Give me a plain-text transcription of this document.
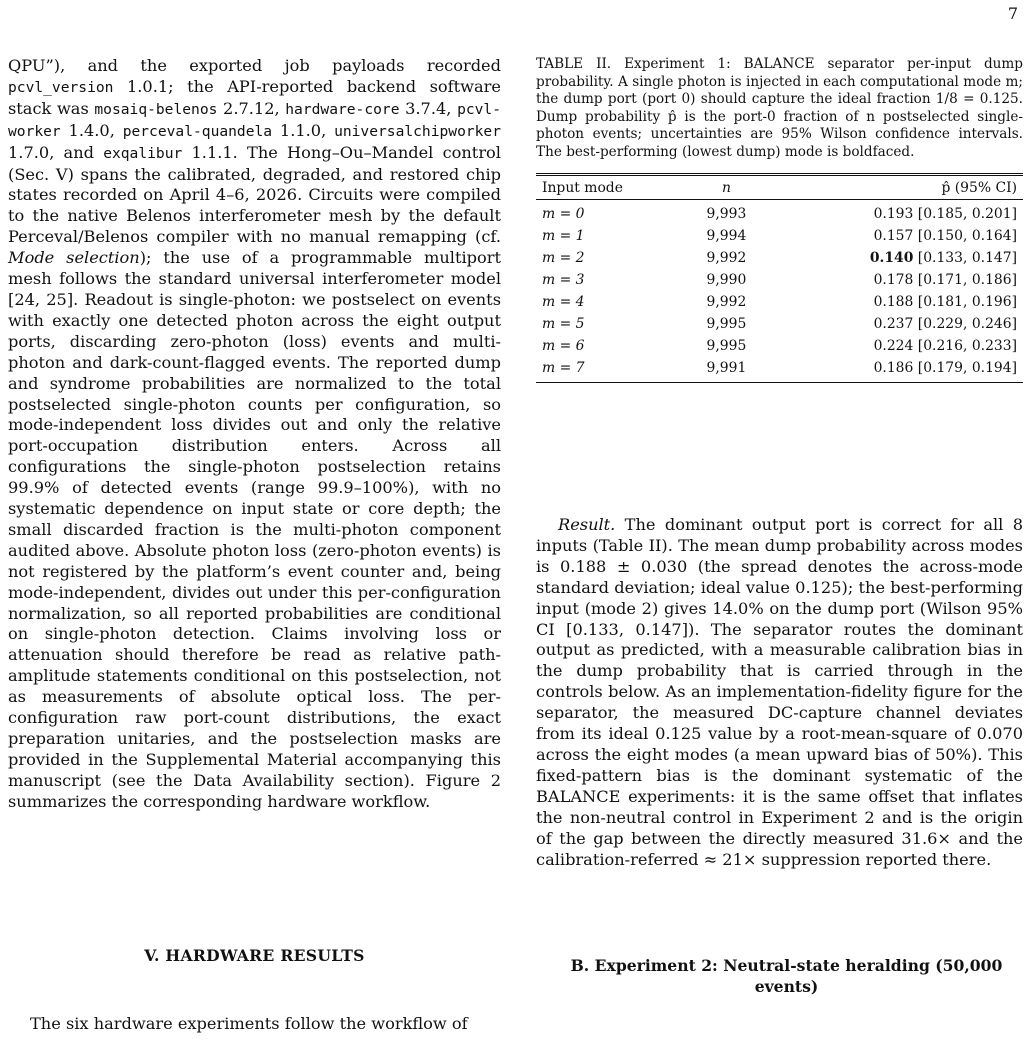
7

QPU”), and the exported job payloads recorded pcvl_version 1.0.1; the API-reported backend software stack was mosaiq-belenos 2.7.12, hardware-core 3.7.4, pcvl-worker 1.4.0, perceval-quandela 1.1.0, universalchipworker 1.7.0, and exqalibur 1.1.1. The Hong–Ou–Mandel control (Sec. V) spans the calibrated, degraded, and restored chip states recorded on April 4–6, 2026. Circuits were compiled to the native Belenos interferometer mesh by the default Perceval/Belenos compiler with no manual remapping (cf. Mode selection); the use of a programmable multiport mesh follows the standard universal interferometer model [24, 25]. Readout is single-photon: we postselect on events with exactly one detected photon across the eight output ports, discarding zero-photon (loss) events and multi-photon and dark-count-flagged events. The reported dump and syndrome probabilities are normalized to the total postselected single-photon counts per configuration, so mode-independent loss divides out and only the relative port-occupation distribution enters. Across all configurations the single-photon postselection retains 99.9% of detected events (range 99.9–100%), with no systematic dependence on input state or core depth; the small discarded fraction is the multi-photon component audited above. Absolute photon loss (zero-photon events) is not registered by the platform’s event counter and, being mode-independent, divides out under this per-configuration normalization, so all reported probabilities are conditional on single-photon detection. Claims involving loss or attenuation should therefore be read as relative path-amplitude statements conditional on this postselection, not as measurements of absolute optical loss. The per-configuration raw port-count distributions, the exact preparation unitaries, and the postselection masks are provided in the Supplemental Material accompanying this manuscript (see the Data Availability section). Figure 2 summarizes the corresponding hardware workflow.

V. HARDWARE RESULTS

The six hardware experiments follow the workflow of

TABLE II. Experiment 1: BALANCE separator per-input dump probability. A single photon is injected in each computational mode m; the dump port (port 0) should capture the ideal fraction 1/8 = 0.125. Dump probability p̂ is the port-0 fraction of n postselected single-photon events; uncertainties are 95% Wilson confidence intervals. The best-performing (lowest dump) mode is boldfaced.

Input mode	n	p̂ (95% CI)
m = 0	9,993	0.193 [0.185, 0.201]
m = 1	9,994	0.157 [0.150, 0.164]
m = 2	9,992	0.140 [0.133, 0.147]
m = 3	9,990	0.178 [0.171, 0.186]
m = 4	9,992	0.188 [0.181, 0.196]
m = 5	9,995	0.237 [0.229, 0.246]
m = 6	9,995	0.224 [0.216, 0.233]
m = 7	9,991	0.186 [0.179, 0.194]

Result. The dominant output port is correct for all 8 inputs (Table II). The mean dump probability across modes is 0.188 ± 0.030 (the spread denotes the across-mode standard deviation; ideal value 0.125); the best-performing input (mode 2) gives 14.0% on the dump port (Wilson 95% CI [0.133, 0.147]). The separator routes the dominant output as predicted, with a measurable calibration bias in the dump probability that is carried through in the controls below. As an implementation-fidelity figure for the separator, the measured DC-capture channel deviates from its ideal 0.125 value by a root-mean-square of 0.070 across the eight modes (a mean upward bias of 50%). This fixed-pattern bias is the dominant systematic of the BALANCE experiments: it is the same offset that inflates the non-neutral control in Experiment 2 and is the origin of the gap between the directly measured 31.6× and the calibration-referred ≈ 21× suppression reported there.

B. Experiment 2: Neutral-state heralding (50,000 events)
